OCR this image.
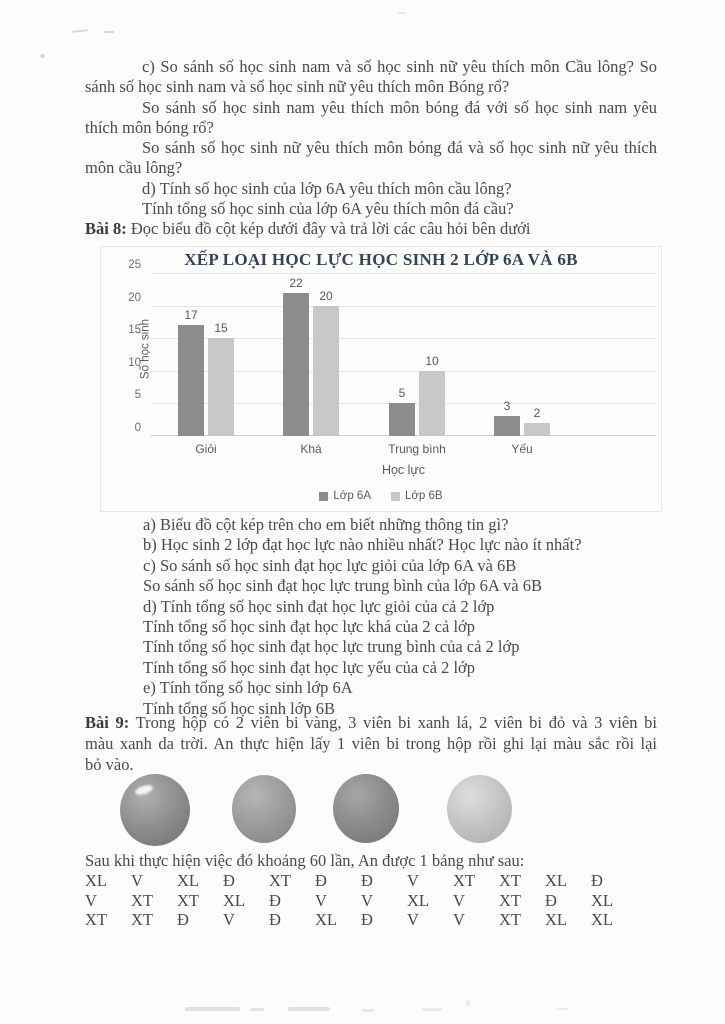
c) So sánh số học sinh nam và số học sinh nữ yêu thích môn Cầu lông? So
sánh số học sinh nam và số học sinh nữ yêu thích môn Bóng rổ?
So sánh số học sinh nam yêu thích môn bóng đá với số học sinh nam yêu
thích môn bóng rổ?
So sánh số học sinh nữ yêu thích môn bóng đá và số học sinh nữ yêu thích
môn cầu lông?
d) Tính số học sinh của lớp 6A yêu thích môn cầu lông?
Tính tổng số học sinh của lớp 6A yêu thích môn đá cầu?
Bài 8: Đọc biểu đồ cột kép dưới đây và trả lời các câu hỏi bên dưới
XẾP LOẠI HỌC LỰC HỌC SINH 2 LỚP 6A VÀ 6B
0
5
10
15
20
25
Số học sinh
17
15
22
20
5
10
3	2
Giỏi	Khá	Trung bình	Yếu
Học lực
Lớp 6A	Lớp 6B
a) Biểu đồ cột kép trên cho em biết những thông tin gì?
b) Học sinh 2 lớp đạt học lực nào nhiều nhất? Học lực nào ít nhất?
c) So sánh số học sinh đạt học lực giỏi của lớp 6A và 6B
So sánh số học sinh đạt học lực trung bình của lớp 6A và 6B
d) Tính tổng số học sinh đạt học lực giỏi của cả 2 lớp
Tính tổng số học sinh đạt học lực khá của 2 cả lớp
Tính tổng số học sinh đạt học lực trung bình của cả 2 lớp
Tính tổng số học sinh đạt học lực yếu của cả 2 lớp
e) Tính tổng số học sinh lớp 6A
Tính tổng số học sinh lớp 6B
Bài 9: Trong hộp có 2 viên bi vàng, 3 viên bi xanh lá, 2 viên bi đỏ và 3 viên bi
màu xanh da trời. An thực hiện lấy 1 viên bi trong hộp rồi ghi lại màu sắc rồi lại
bỏ vào.
Sau khi thực hiện việc đó khoảng 60 lần, An được 1 bảng như sau:
XL	V	XL	Đ	XT	Đ	Đ	V	XT	XT	XL	Đ
V	XT	XT	XL	Đ	V	V	XL	V	XT	Đ	XL
XT	XT	Đ	V	Đ	XL	Đ	V	V	XT	XL	XL
